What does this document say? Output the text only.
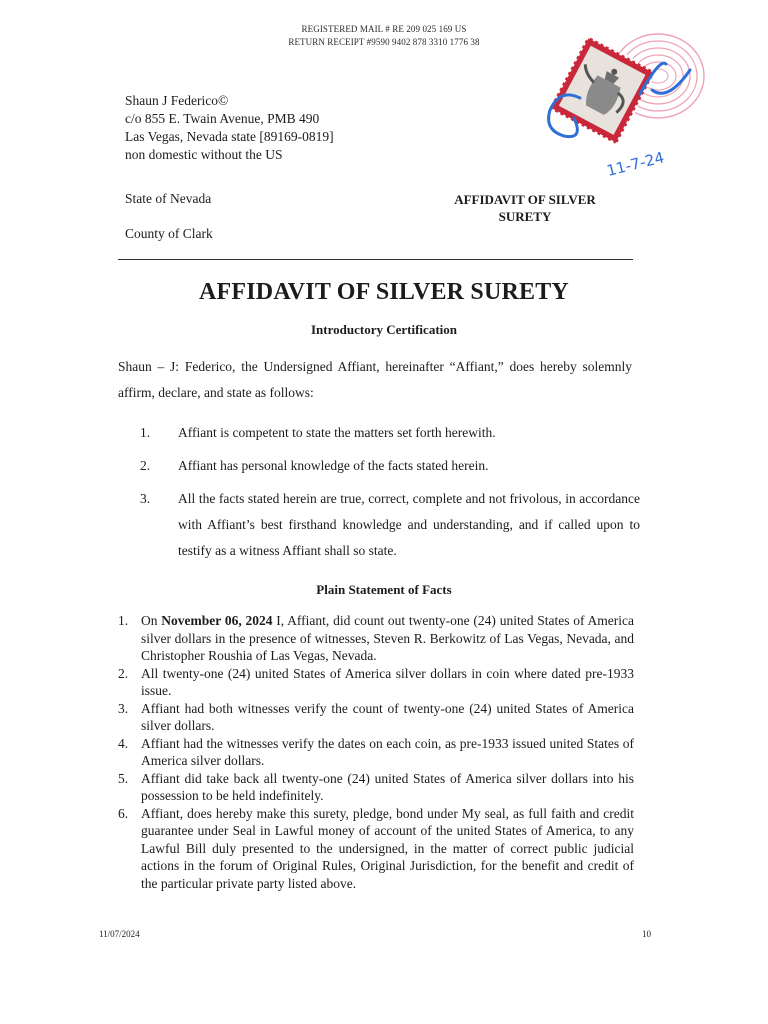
REGISTERED MAIL # RE 209 025 169 US
RETURN RECEIPT #9590 9402 878 3310 1776 38
11-7-24
Shaun J Federico©
c/o 855 E. Twain Avenue, PMB 490
Las Vegas, Nevada state [89169-0819]
non domestic without the US
State of Nevada
County of Clark
AFFIDAVIT OF SILVER
SURETY
AFFIDAVIT OF SILVER SURETY
Introductory Certification
Shaun – J: Federico, the Undersigned Affiant, hereinafter “Affiant,” does hereby solemnly affirm, declare, and state as follows:
1. Affiant is competent to state the matters set forth herewith.
2. Affiant has personal knowledge of the facts stated herein.
3. All the facts stated herein are true, correct, complete and not frivolous, in accordance with Affiant’s best firsthand knowledge and understanding, and if called upon to testify as a witness Affiant shall so state.
Plain Statement of Facts
1. On November 06, 2024 I, Affiant, did count out twenty-one (24) united States of America silver dollars in the presence of witnesses, Steven R. Berkowitz of Las Vegas, Nevada, and Christopher Roushia of Las Vegas, Nevada.
2. All twenty-one (24) united States of America silver dollars in coin where dated pre-1933 issue.
3. Affiant had both witnesses verify the count of twenty-one (24) united States of America silver dollars.
4. Affiant had the witnesses verify the dates on each coin, as pre-1933 issued united States of America silver dollars.
5. Affiant did take back all twenty-one (24) united States of America silver dollars into his possession to be held indefinitely.
6. Affiant, does hereby make this surety, pledge, bond under My seal, as full faith and credit guarantee under Seal in Lawful money of account of the united States of America, to any Lawful Bill duly presented to the undersigned, in the matter of correct public judicial actions in the forum of Original Rules, Original Jurisdiction, for the benefit and credit of the particular private party listed above.
11/07/2024	10
